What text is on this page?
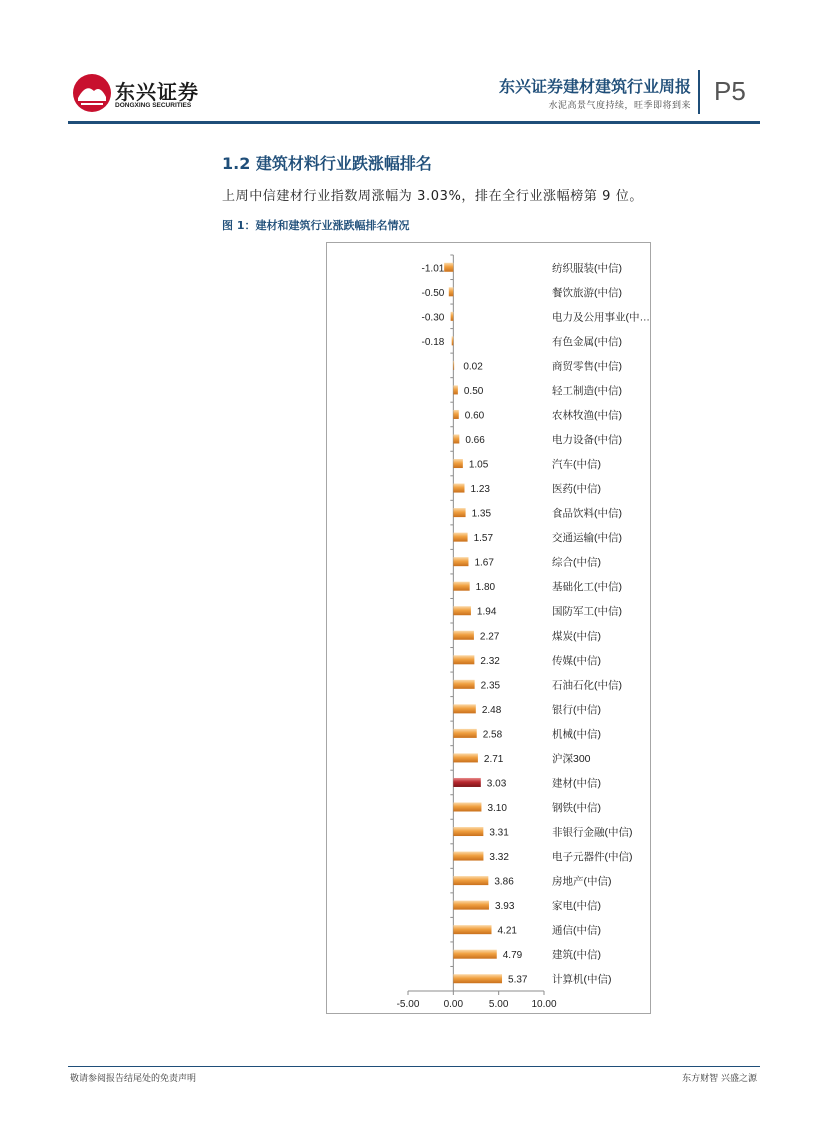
东兴证券
DONGXING SECURITIES
东兴证券建材建筑行业周报
水泥高景气度持续，旺季即将到来 P5
1.2 建筑材料行业跌涨幅排名
上周中信建材行业指数周涨幅为 3.03%，排在全行业涨幅榜第 9 位。
图 1：建材和建筑行业涨跌幅排名情况
-1.01	纺织服装(中信)
-0.50	餐饮旅游(中信)
-0.30	电力及公用事业(中…
-0.18	有色金属(中信)
0.02	商贸零售(中信)
0.50	轻工制造(中信)
0.60	农林牧渔(中信)
0.66	电力设备(中信)
1.05	汽车(中信)
1.23	医药(中信)
1.35	食品饮料(中信)
1.57	交通运输(中信)
1.67	综合(中信)
1.80	基础化工(中信)
1.94	国防军工(中信)
2.27	煤炭(中信)
2.32	传媒(中信)
2.35	石油石化(中信)
2.48	银行(中信)
2.58	机械(中信)
2.71	沪深300
3.03	建材(中信)
3.10	钢铁(中信)
3.31	非银行金融(中信)
3.32	电子元器件(中信)
3.86	房地产(中信)
3.93	家电(中信)
4.21	通信(中信)
4.79	建筑(中信)
5.37 计算机(中信)
-5.00 0.00	5.00 10.00
敬请参阅报告结尾处的免责声明	东方财智 兴盛之源
